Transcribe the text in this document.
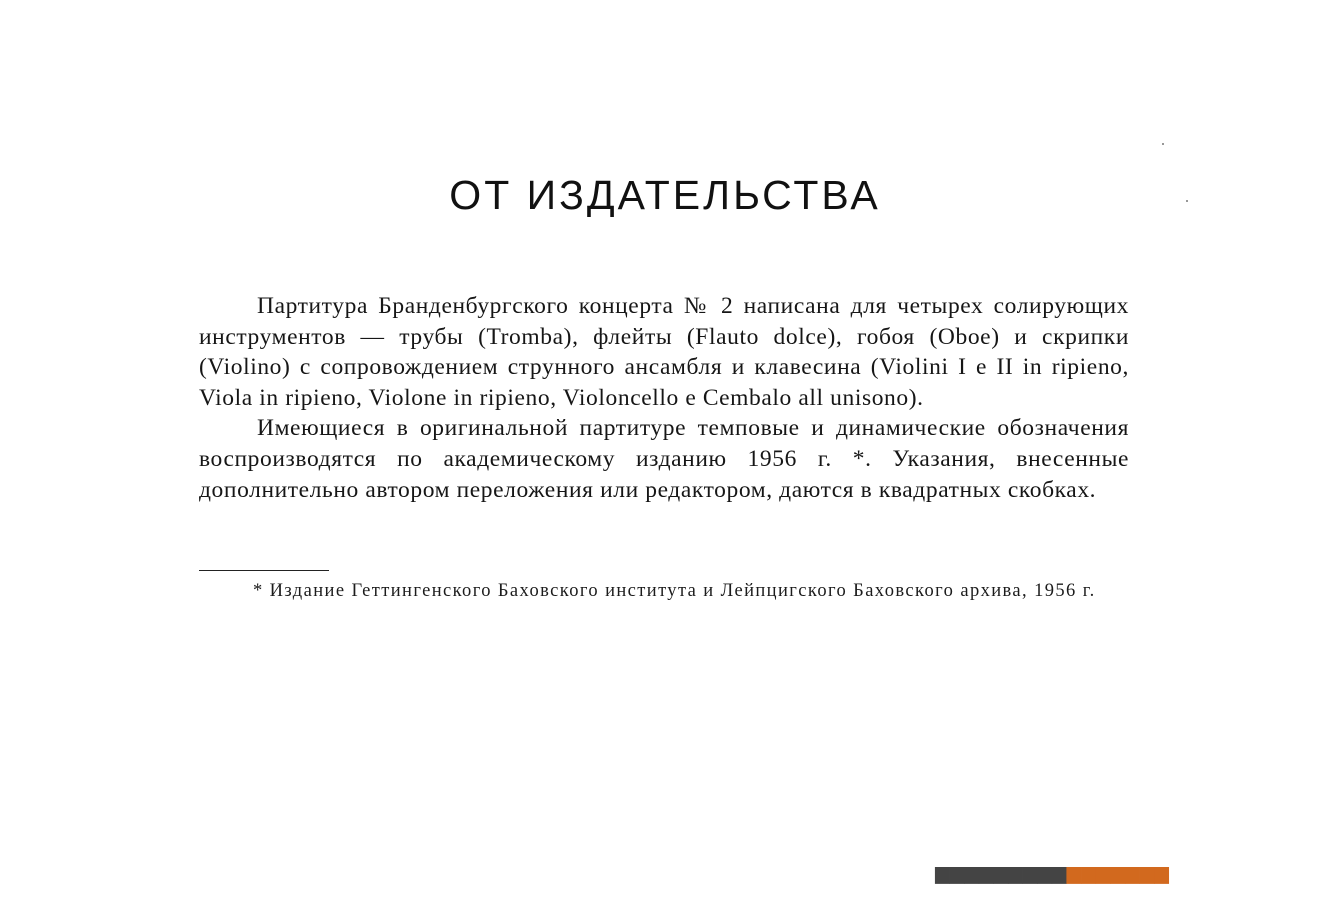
ОТ ИЗДАТЕЛЬСТВА

Партитура Бранденбургского концерта № 2 написана для четырех солирующих инструментов — трубы (Tromba), флейты (Flauto dolce), гобоя (Oboe) и скрипки (Violino) с сопровождением струнного ансамбля и клавесина (Violini I e II in ripieno, Viola in ripieno, Violone in ripieno, Violoncello e Cembalo all unisono).

Имеющиеся в оригинальной партитуре темповые и динамические обозначения воспроизводятся по академическому изданию 1956 г. *. Указания, внесенные дополнительно автором переложения или редактором, даются в квадратных скобках.

* Издание Геттингенского Баховского института и Лейпцигского Баховского архива, 1956 г.

▆▆▆▆▆▆▆▆▆▆▆▆▆▆▆▆
